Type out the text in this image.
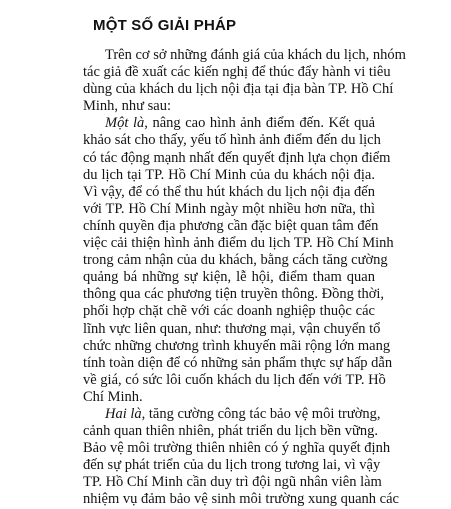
MỘT SỐ GIẢI PHÁP
Trên cơ sở những đánh giá của khách du lịch, nhóm
tác giả đề xuất các kiến nghị để thúc đẩy hành vi tiêu
dùng của khách du lịch nội địa tại địa bàn TP. Hồ Chí
Minh, như sau:
Một là, nâng cao hình ảnh điểm đến. Kết quả
khảo sát cho thấy, yếu tố hình ảnh điểm đến du lịch
có tác động mạnh nhất đến quyết định lựa chọn điểm
du lịch tại TP. Hồ Chí Minh của du khách nội địa.
Vì vậy, để có thể thu hút khách du lịch nội địa đến
với TP. Hồ Chí Minh ngày một nhiều hơn nữa, thì
chính quyền địa phương cần đặc biệt quan tâm đến
việc cải thiện hình ảnh điểm du lịch TP. Hồ Chí Minh
trong cảm nhận của du khách, bằng cách tăng cường
quảng bá những sự kiện, lễ hội, điểm tham quan
thông qua các phương tiện truyền thông. Đồng thời,
phối hợp chặt chẽ với các doanh nghiệp thuộc các
lĩnh vực liên quan, như: thương mại, vận chuyển tổ
chức những chương trình khuyến mãi rộng lớn mang
tính toàn diện để có những sản phẩm thực sự hấp dẫn
về giá, có sức lôi cuốn khách du lịch đến với TP. Hồ
Chí Minh.
Hai là, tăng cường công tác bảo vệ môi trường,
cảnh quan thiên nhiên, phát triển du lịch bền vững.
Bảo vệ môi trường thiên nhiên có ý nghĩa quyết định
đến sự phát triển của du lịch trong tương lai, vì vậy
TP. Hồ Chí Minh cần duy trì đội ngũ nhân viên làm
nhiệm vụ đảm bảo vệ sinh môi trường xung quanh các
